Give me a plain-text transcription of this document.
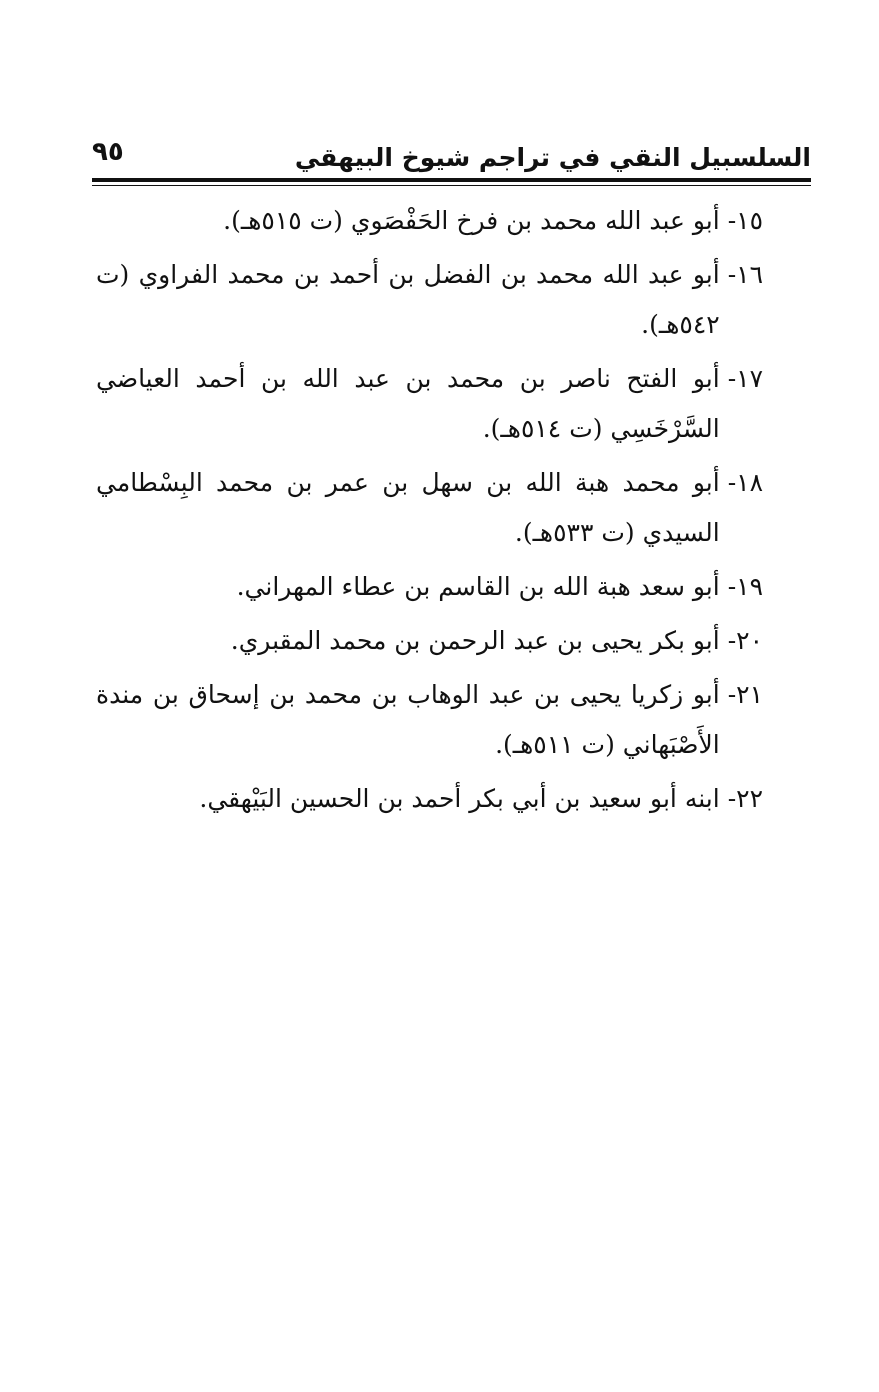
السلسبيل النقي في تراجم شيوخ البيهقي
٩٥
١٥-
أبو عبد الله محمد بن فرخ الحَفْصَوي (ت ٥١٥هـ).
١٦-
أبو عبد الله محمد بن الفضل بن أحمد بن محمد الفراوي (ت ٥٤٢هـ).
١٧-
أبو الفتح ناصر بن محمد بن عبد الله بن أحمد العياضي السَّرْخَسِي (ت ٥١٤هـ).
١٨-
أبو محمد هبة الله بن سهل بن عمر بن محمد البِسْطامي السيدي (ت ٥٣٣هـ).
١٩-
أبو سعد هبة الله بن القاسم بن عطاء المهراني.
٢٠-
أبو بكر يحيى بن عبد الرحمن بن محمد المقبري.
٢١-
أبو زكريا يحيى بن عبد الوهاب بن محمد بن إسحاق بن مندة الأَصْبَهاني (ت ٥١١هـ).
٢٢-
ابنه أبو سعيد بن أبي بكر أحمد بن الحسين البَيْهقي.
